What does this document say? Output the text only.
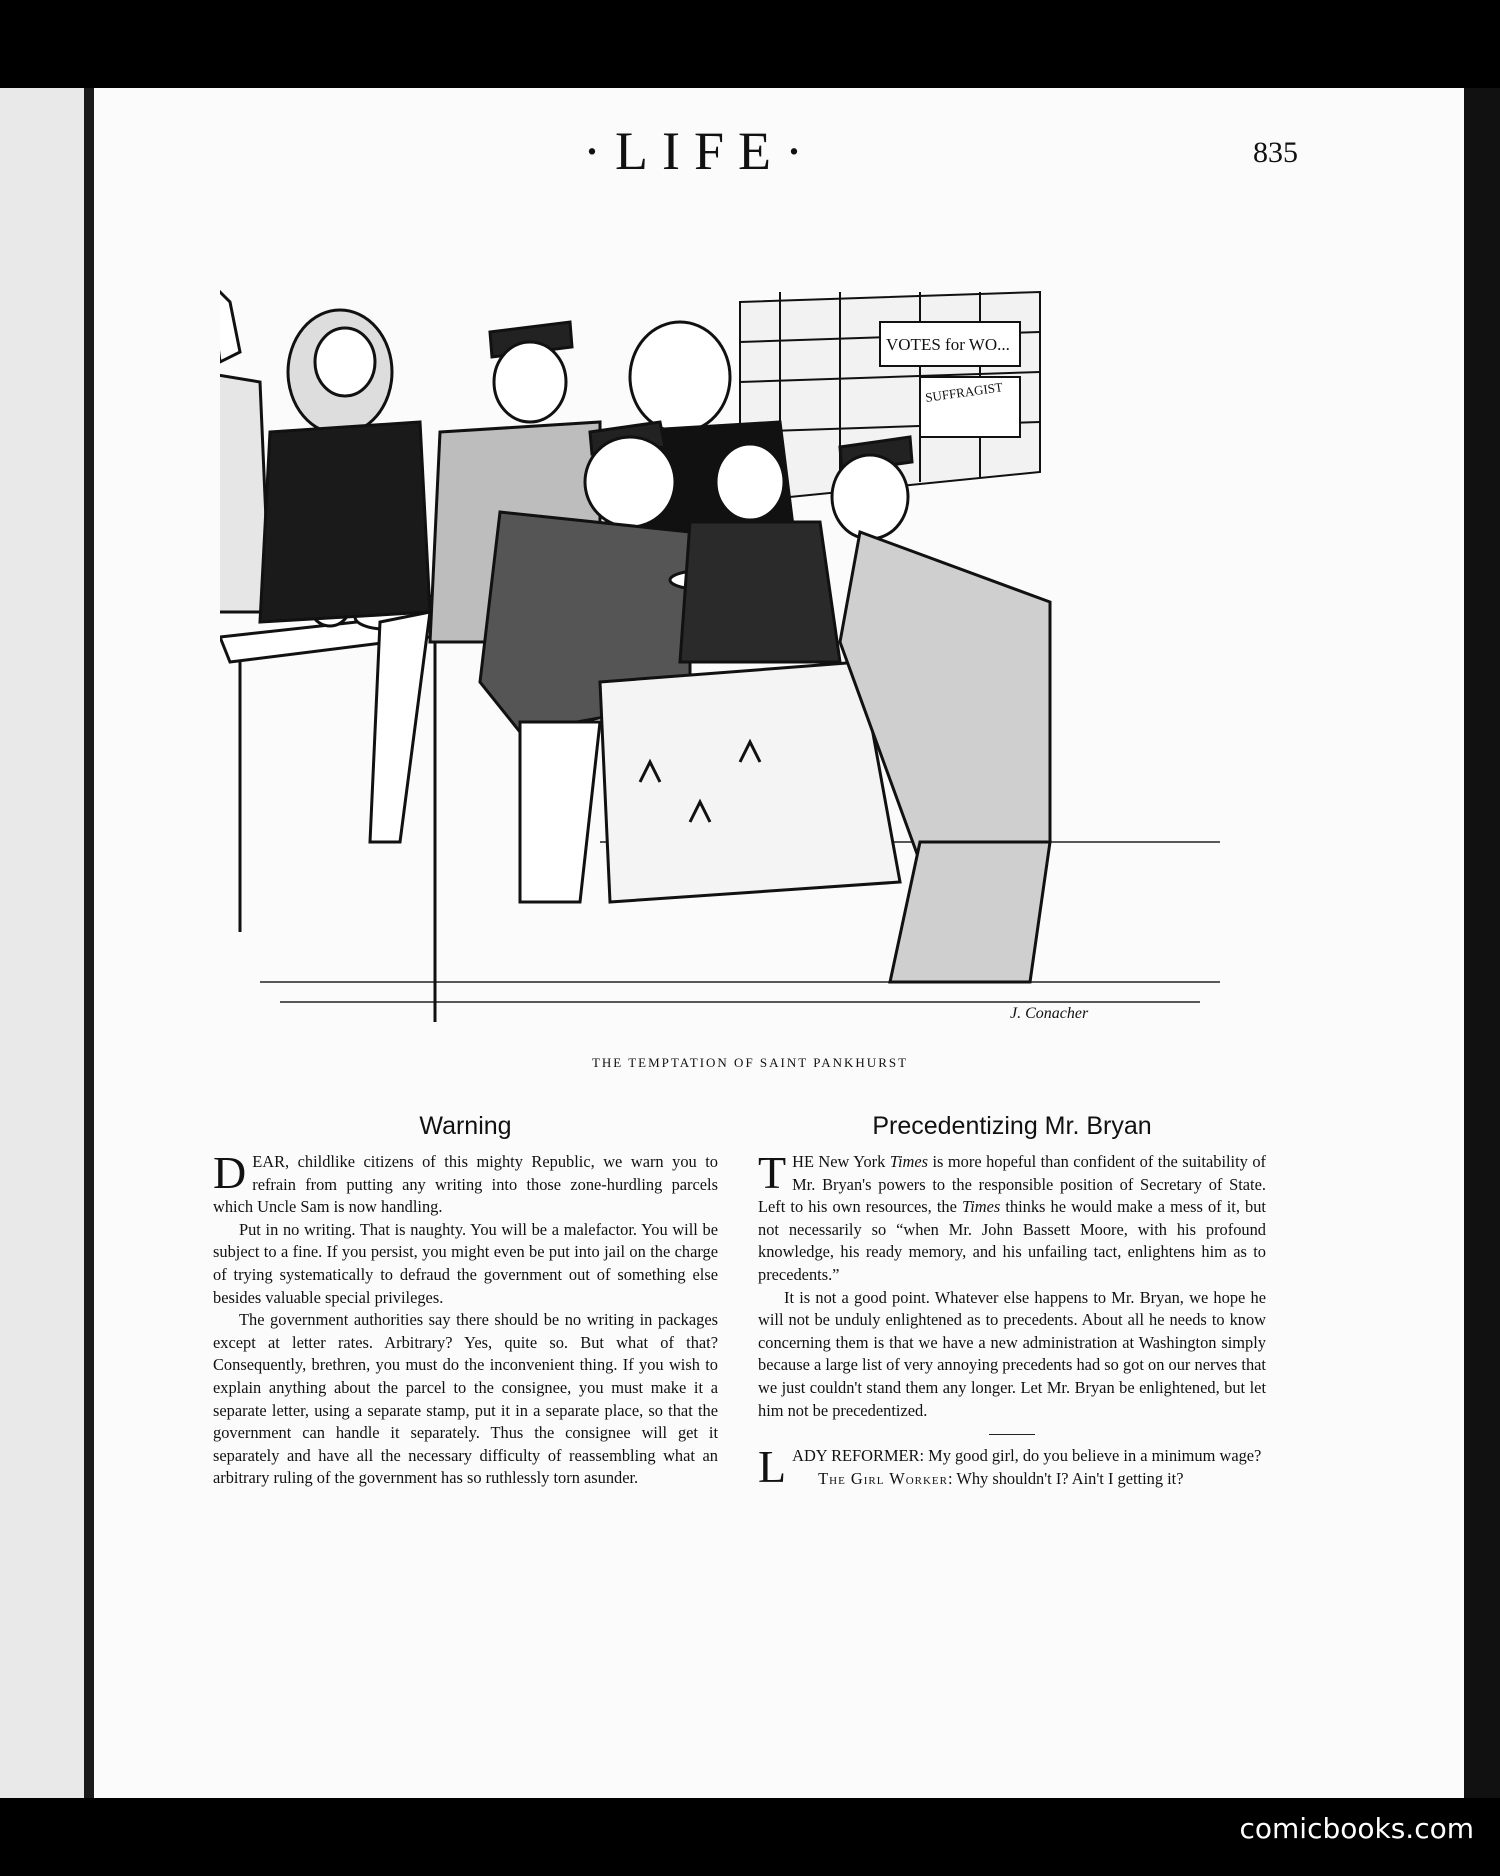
·LIFE·	835
VOTES for WO...
SUFFRAGIST
J. Conacher
THE TEMPTATION OF SAINT PANKHURST
Warning

DEAR, childlike citizens of this mighty Republic, we warn you to refrain from putting any writing into those zone-hurdling parcels which Uncle Sam is now handling.

Put in no writing. That is naughty. You will be a malefactor. You will be subject to a fine. If you persist, you might even be put into jail on the charge of trying systematically to defraud the government out of something else besides valuable special privileges.

The government authorities say there should be no writing in packages except at letter rates. Arbitrary? Yes, quite so. But what of that? Consequently, brethren, you must do the inconvenient thing. If you wish to explain anything about the parcel to the consignee, you must make it a separate letter, using a separate stamp, put it in a separate place, so that the government can handle it separately. Thus the consignee will get it separately and have all the necessary difficulty of reassembling what an arbitrary ruling of the government has so ruthlessly torn asunder.

Precedentizing Mr. Bryan

THE New York Times is more hopeful than confident of the suitability of Mr. Bryan's powers to the responsible position of Secretary of State. Left to his own resources, the Times thinks he would make a mess of it, but not necessarily so “when Mr. John Bassett Moore, with his profound knowledge, his ready memory, and his unfailing tact, enlightens him as to precedents.”

It is not a good point. Whatever else happens to Mr. Bryan, we hope he will not be unduly enlightened as to precedents. About all he needs to know concerning them is that we have a new administration at Washington simply because a large list of very annoying precedents had so got on our nerves that we just couldn't stand them any longer. Let Mr. Bryan be enlightened, but let him not be precedentized.

LADY REFORMER: My good girl, do you believe in a minimum wage?

The Girl Worker: Why shouldn't I? Ain't I getting it?

comicbooks.com
